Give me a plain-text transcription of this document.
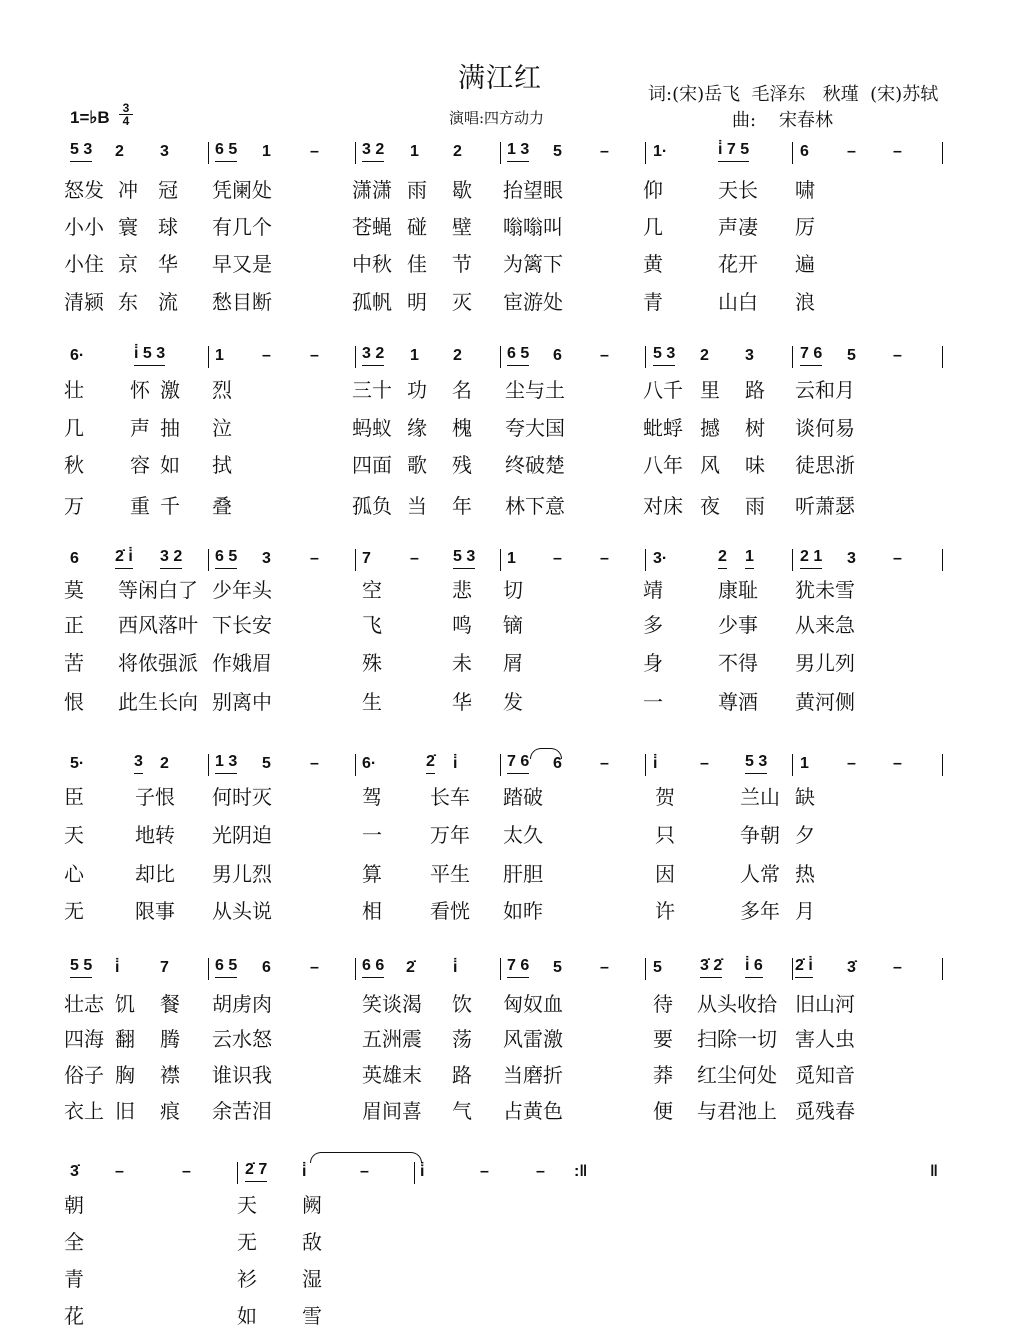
满江红
词:(宋)岳飞  毛泽东   秋瑾  (宋)苏轼
曲:    宋春林
演唱:四方动力
1=♭B	3
4
5 3 2 3	6 5 1 –	3 2 1 2	1 3 5 –	1·	i̇ 7 5	6 – –
怒发 冲 冠 凭阑处	潇潇 雨 歇 抬望眼	仰	天长 啸
小小 寰 球 有几个	苍蝇 碰 壁 嗡嗡叫	几	声凄 厉
小住 京 华 早又是	中秋 佳 节 为篱下	黄	花开 遍
清颍 东 流 愁目断	孤帆 明 灭 宦游处	青	山白 浪
6·	i̇ 5 3	1 – –	3 2 1 2	6 5 6 –	5 3 2 3	7 6 5 –
壮 怀 激 烈	三十 功 名 尘与土	八千 里 路 云和月
几 声 抽 泣	蚂蚁 缘 槐 夸大国	蚍蜉 撼 树 谈何易
秋 容 如 拭	四面 歌 残 终破楚	八年 风 味 徒思浙
万 重 千 叠	孤负 当 年 林下意	对床 夜 雨 听萧瑟
6 2̇ i̇ 3 2 6 5 3 –	7 – 5 3 1 – –	3·	2 1	2 1 3 –
莫 等闲白了 少年头	空	悲 切	靖	康耻 犹未雪
正 西风落叶 下长安	飞	鸣 镝	多	少事 从来急
苦 将侬强派 作娥眉	殊	未 屑	身	不得 男儿列
恨 此生长向 别离中	生	华 发	一	尊酒 黄河侧
5·	3 2	1 3 5 –	6·	2̇ i̇	7 6 6 –	i̇	– 5 3 1 – –
臣	子恨 何时灭	驾 长车 踏破	贺	兰山 缺
天	地转 光阴迫	一 万年 太久	只	争朝 夕
心	却比 男儿烈	算 平生 肝胆	因	人常 热
无	限事 从头说	相 看恍 如昨	许	多年 月
5 5 i̇	7	6 5 6 –	6 6 2̇ i̇	7 6 5 –	5 3̇ 2̇ i̇ 6 2̇ i̇ 3̇ –
壮志 饥 餐 胡虏肉	笑谈渴 饮 匈奴血	待 从头收拾 旧山河
四海 翻 腾 云水怒	五洲震 荡 风雷激	要 扫除一切 害人虫
俗子 胸 襟 谁识我	英雄末 路 当磨折	莽 红尘何处 觅知音
衣上 旧 痕 余苦泪	眉间喜 气 占黄色	便 与君池上 觅残春
3̇ –	–	2̇ 7 i̇	–	i̇	–	– :‖	‖
朝	天 阙
全	无 敌
青	衫 湿
花	如 雪
